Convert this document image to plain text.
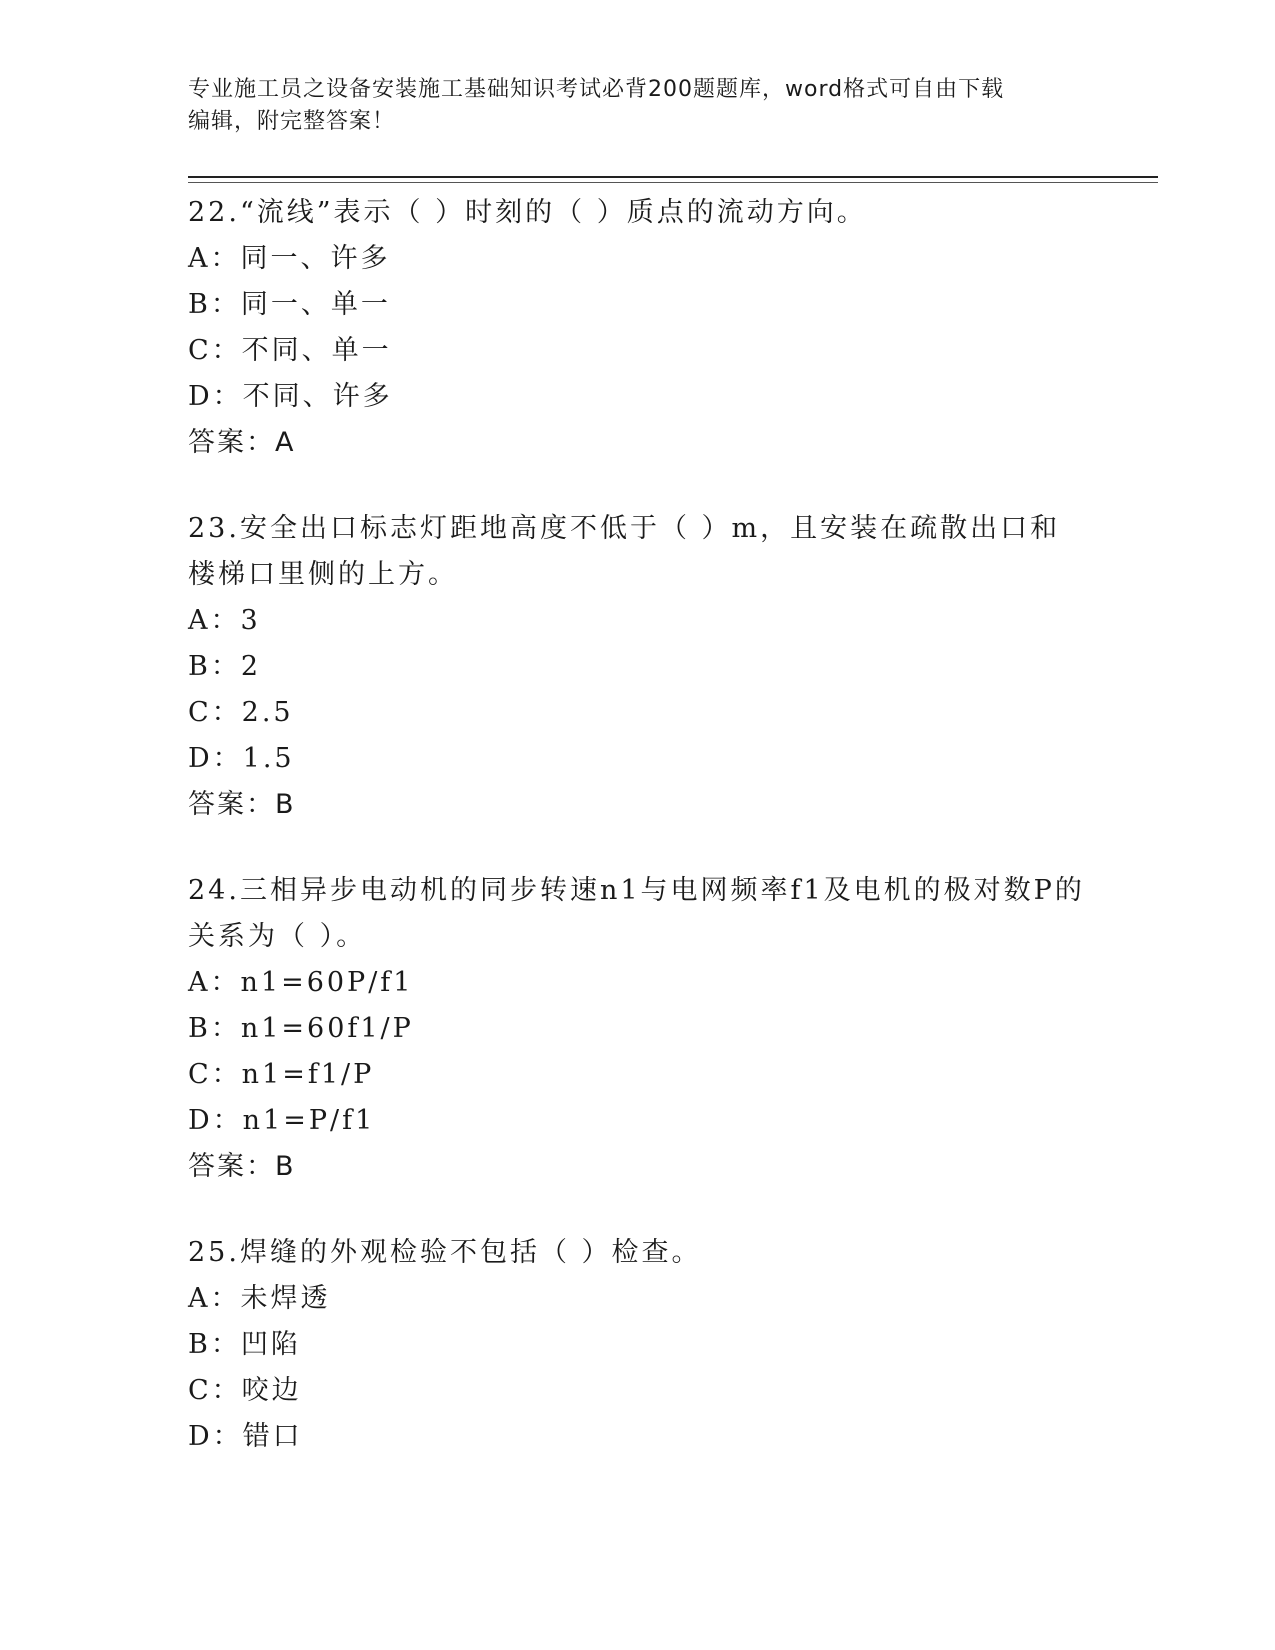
专业施工员之设备安装施工基础知识考试必背200题题库，word格式可自由下载
编辑，附完整答案！
22.“流线”表示（ ）时刻的（ ）质点的流动方向。
A：同一、许多
B：同一、单一
C：不同、单一
D：不同、许多
答案：A
23.安全出口标志灯距地高度不低于（ ）m，且安装在疏散出口和楼梯口里侧的上方。
A：3
B：2
C：2.5
D：1.5
答案：B
24.三相异步电动机的同步转速n1与电网频率f1及电机的极对数P的关系为（ ）。
A：n1=60P/f1
B：n1=60f1/P
C：n1=f1/P
D：n1=P/f1
答案：B
25.焊缝的外观检验不包括（ ）检查。
A：未焊透
B：凹陷
C：咬边
D：错口
